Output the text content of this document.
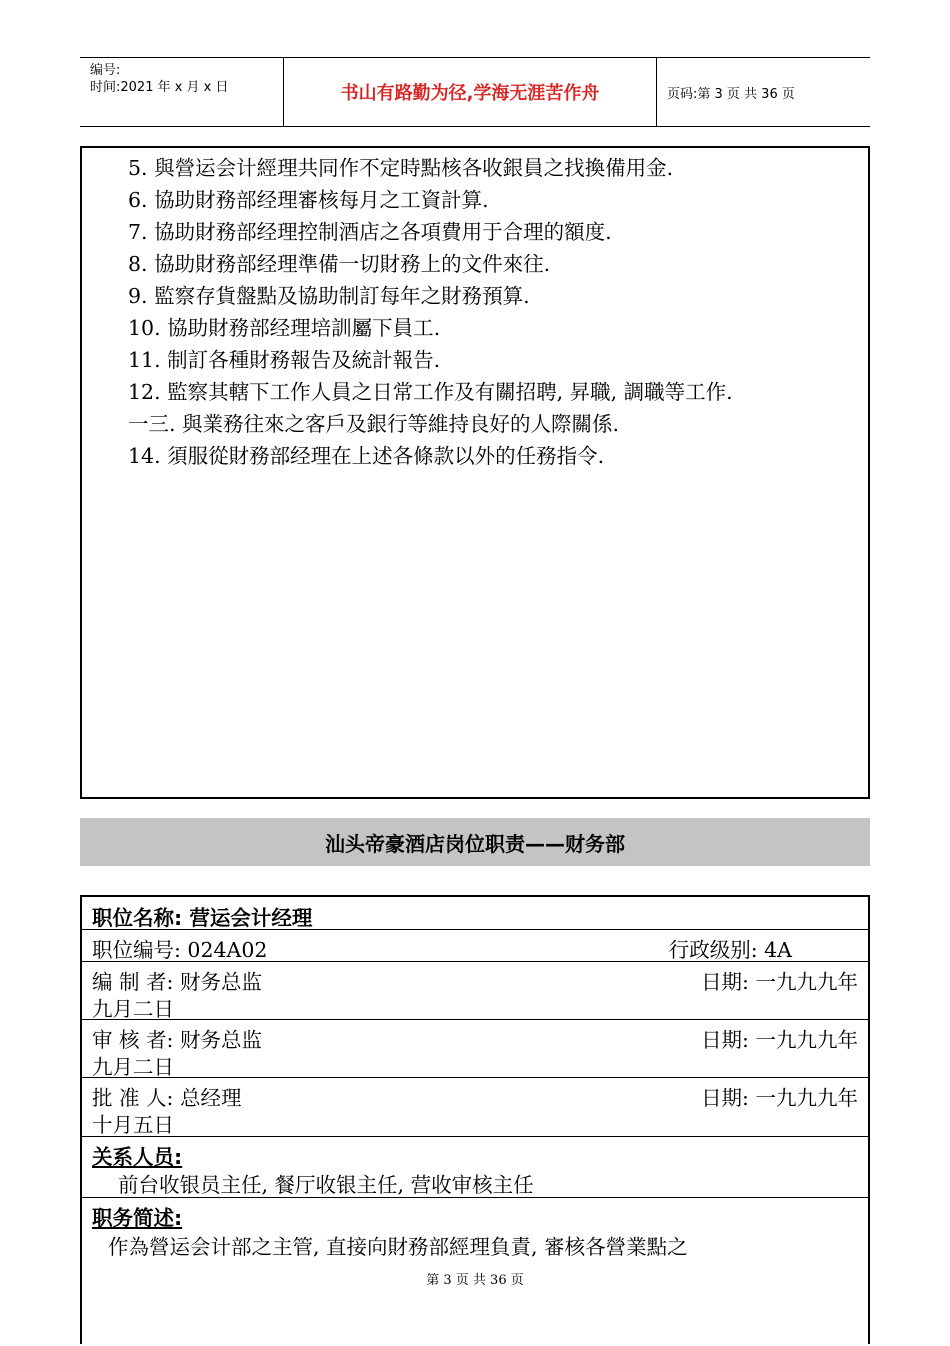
编号:
时间:2021 年 x 月 x 日	书山有路勤为径,学海无涯苦作舟	页码:第 3 页 共 36 页
5. 與營运会计經理共同作不定時點核各收銀員之找換備用金.
6. 協助財務部经理審核每月之工資計算.
7. 協助財務部经理控制酒店之各項費用于合理的額度.
8. 協助財務部经理準備一切財務上的文件來往.
9. 監察存貨盤點及協助制訂每年之財務預算.
10. 協助財務部经理培訓屬下員工.
11. 制訂各種財務報告及統計報告.
12. 監察其轄下工作人員之日常工作及有關招聘, 昇職, 調職等工作.
一三. 與業務往來之客戶及銀行等維持良好的人際關係.
14. 須服從財務部经理在上述各條款以外的任務指令.
汕头帝豪酒店岗位职责——财务部
职位名称: 营运会计经理
职位编号: 024A02	行政级别: 4A
编 制 者: 财务总监	日期: 一九九九年
九月二日
审 核 者: 财务总监	日期: 一九九九年
九月二日
批 准 人: 总经理	日期: 一九九九年
十月五日
关系人员:
前台收银员主任, 餐厅收银主任, 营收审核主任
职务简述:
作為營运会计部之主管, 直接向財務部經理負責, 審核各營業點之
第 3 页 共 36 页
